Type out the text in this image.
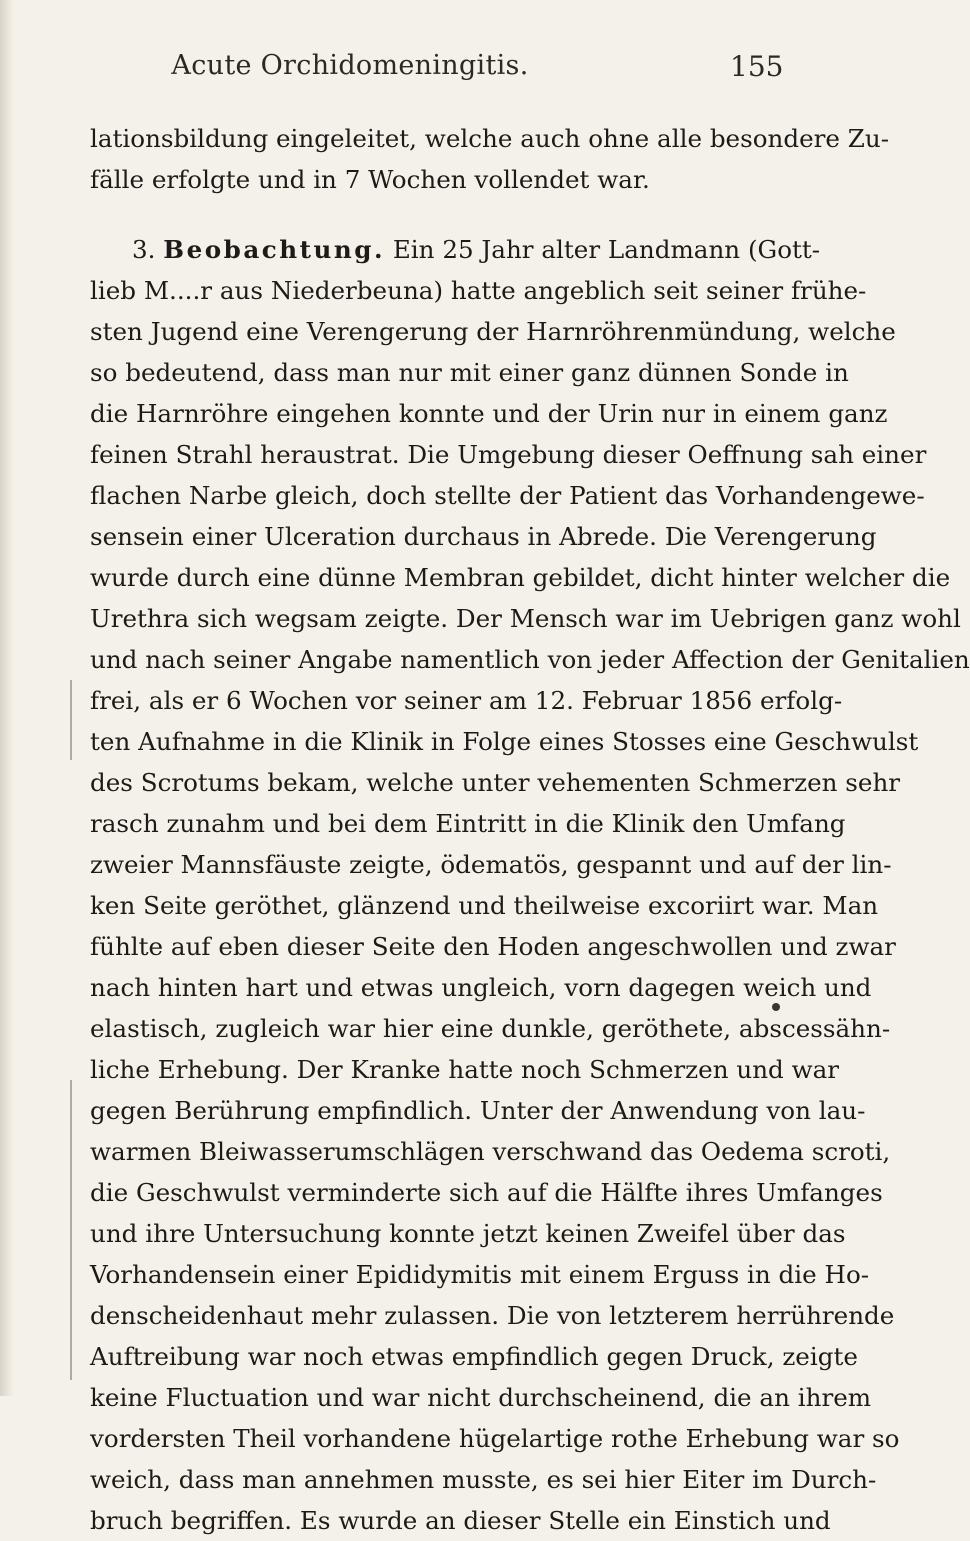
Acute Orchidomeningitis.	155
lationsbildung eingeleitet, welche auch ohne alle besondere Zu-
fälle erfolgte und in 7 Wochen vollendet war.
3. Beobachtung. Ein 25 Jahr alter Landmann (Gott-
lieb M....r aus Niederbeuna) hatte angeblich seit seiner frühe-
sten Jugend eine Verengerung der Harnröhrenmündung, welche
so bedeutend, dass man nur mit einer ganz dünnen Sonde in
die Harnröhre eingehen konnte und der Urin nur in einem ganz
feinen Strahl heraustrat. Die Umgebung dieser Oeffnung sah einer
flachen Narbe gleich, doch stellte der Patient das Vorhandengewe-
sensein einer Ulceration durchaus in Abrede. Die Verengerung
wurde durch eine dünne Membran gebildet, dicht hinter welcher die
Urethra sich wegsam zeigte. Der Mensch war im Uebrigen ganz wohl
und nach seiner Angabe namentlich von jeder Affection der Genitalien
frei, als er 6 Wochen vor seiner am 12. Februar 1856 erfolg-
ten Aufnahme in die Klinik in Folge eines Stosses eine Geschwulst
des Scrotums bekam, welche unter vehementen Schmerzen sehr
rasch zunahm und bei dem Eintritt in die Klinik den Umfang
zweier Mannsfäuste zeigte, ödematös, gespannt und auf der lin-
ken Seite geröthet, glänzend und theilweise excoriirt war. Man
fühlte auf eben dieser Seite den Hoden angeschwollen und zwar
nach hinten hart und etwas ungleich, vorn dagegen weich und
elastisch, zugleich war hier eine dunkle, geröthete, abscessähn-
liche Erhebung. Der Kranke hatte noch Schmerzen und war
gegen Berührung empfindlich. Unter der Anwendung von lau-
warmen Bleiwasserumschlägen verschwand das Oedema scroti,
die Geschwulst verminderte sich auf die Hälfte ihres Umfanges
und ihre Untersuchung konnte jetzt keinen Zweifel über das
Vorhandensein einer Epididymitis mit einem Erguss in die Ho-
denscheidenhaut mehr zulassen. Die von letzterem herrührende
Auftreibung war noch etwas empfindlich gegen Druck, zeigte
keine Fluctuation und war nicht durchscheinend, die an ihrem
vordersten Theil vorhandene hügelartige rothe Erhebung war so
weich, dass man annehmen musste, es sei hier Eiter im Durch-
bruch begriffen. Es wurde an dieser Stelle ein Einstich und
